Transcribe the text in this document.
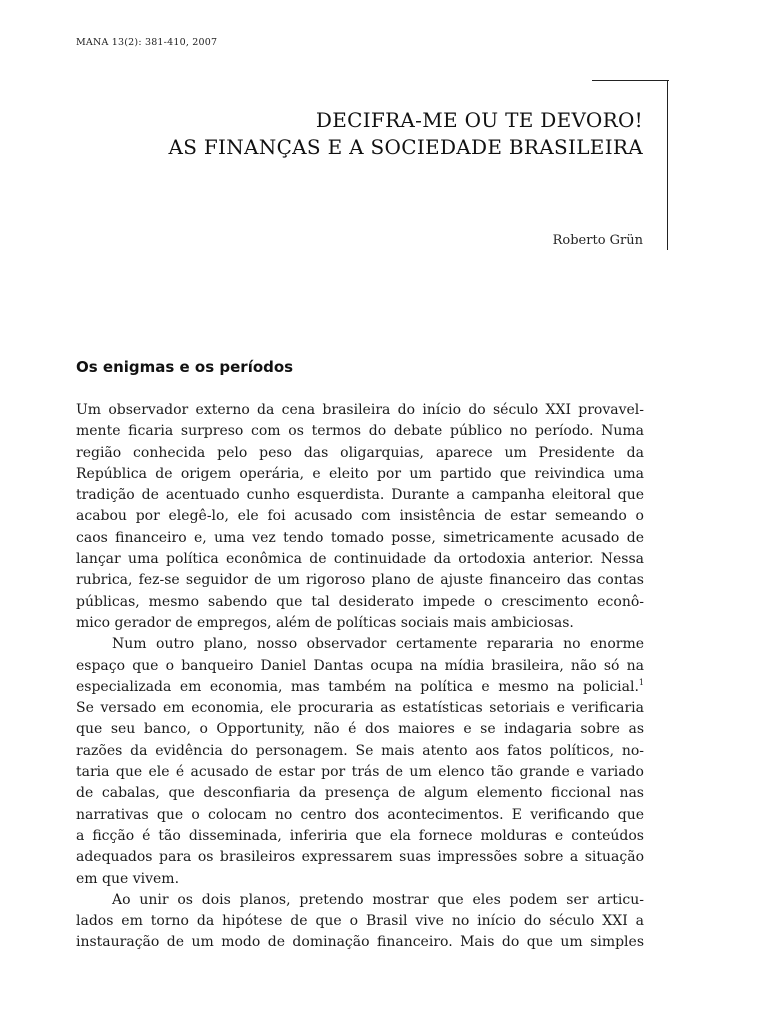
MANA 13(2): 381-410, 2007
DECIFRA-ME OU TE DEVORO!
AS FINANÇAS E A SOCIEDADE BRASILEIRA
Roberto Grün
Os enigmas e os períodos
Um observador externo da cena brasileira do início do século XXI provavel-
mente ficaria surpreso com os termos do debate público no período. Numa
região conhecida pelo peso das oligarquias, aparece um Presidente da
República de origem operária, e eleito por um partido que reivindica uma
tradição de acentuado cunho esquerdista. Durante a campanha eleitoral que
acabou por elegê-lo, ele foi acusado com insistência de estar semeando o
caos financeiro e, uma vez tendo tomado posse, simetricamente acusado de
lançar uma política econômica de continuidade da ortodoxia anterior. Nessa
rubrica, fez-se seguidor de um rigoroso plano de ajuste financeiro das contas
públicas, mesmo sabendo que tal desiderato impede o crescimento econô-
mico gerador de empregos, além de políticas sociais mais ambiciosas.
Num outro plano, nosso observador certamente repararia no enorme
espaço que o banqueiro Daniel Dantas ocupa na mídia brasileira, não só na
especializada em economia, mas também na política e mesmo na policial.$^1$
Se versado em economia, ele procuraria as estatísticas setoriais e verificaria
que seu banco, o Opportunity, não é dos maiores e se indagaria sobre as
razões da evidência do personagem. Se mais atento aos fatos políticos, no-
taria que ele é acusado de estar por trás de um elenco tão grande e variado
de cabalas, que desconfiaria da presença de algum elemento ficcional nas
narrativas que o colocam no centro dos acontecimentos. E verificando que
a ficção é tão disseminada, inferiria que ela fornece molduras e conteúdos
adequados para os brasileiros expressarem suas impressões sobre a situação
em que vivem.
Ao unir os dois planos, pretendo mostrar que eles podem ser articu-
lados em torno da hipótese de que o Brasil vive no início do século XXI a
instauração de um modo de dominação financeiro. Mais do que um simples
